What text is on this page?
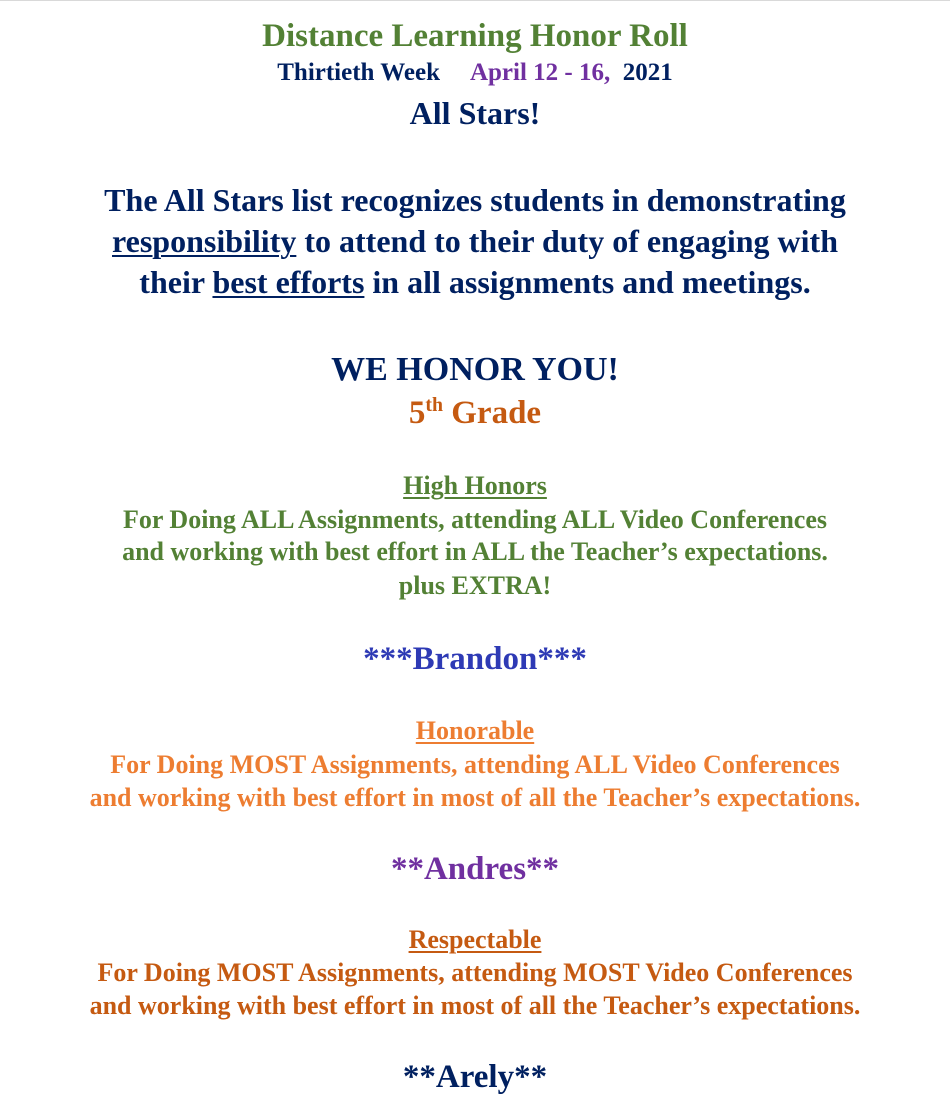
Distance Learning Honor Roll
Thirtieth Week April 12 - 16, 2021
All Stars!
The All Stars list recognizes students in demonstrating
responsibility to attend to their duty of engaging with
their best efforts in all assignments and meetings.
WE HONOR YOU!
5th Grade
High Honors
For Doing ALL Assignments, attending ALL Video Conferences
and working with best effort in ALL the Teacher’s expectations.
plus EXTRA!
***Brandon***
Honorable
For Doing MOST Assignments, attending ALL Video Conferences
and working with best effort in most of all the Teacher’s expectations.
**Andres**
Respectable
For Doing MOST Assignments, attending MOST Video Conferences
and working with best effort in most of all the Teacher’s expectations.
**Arely**
